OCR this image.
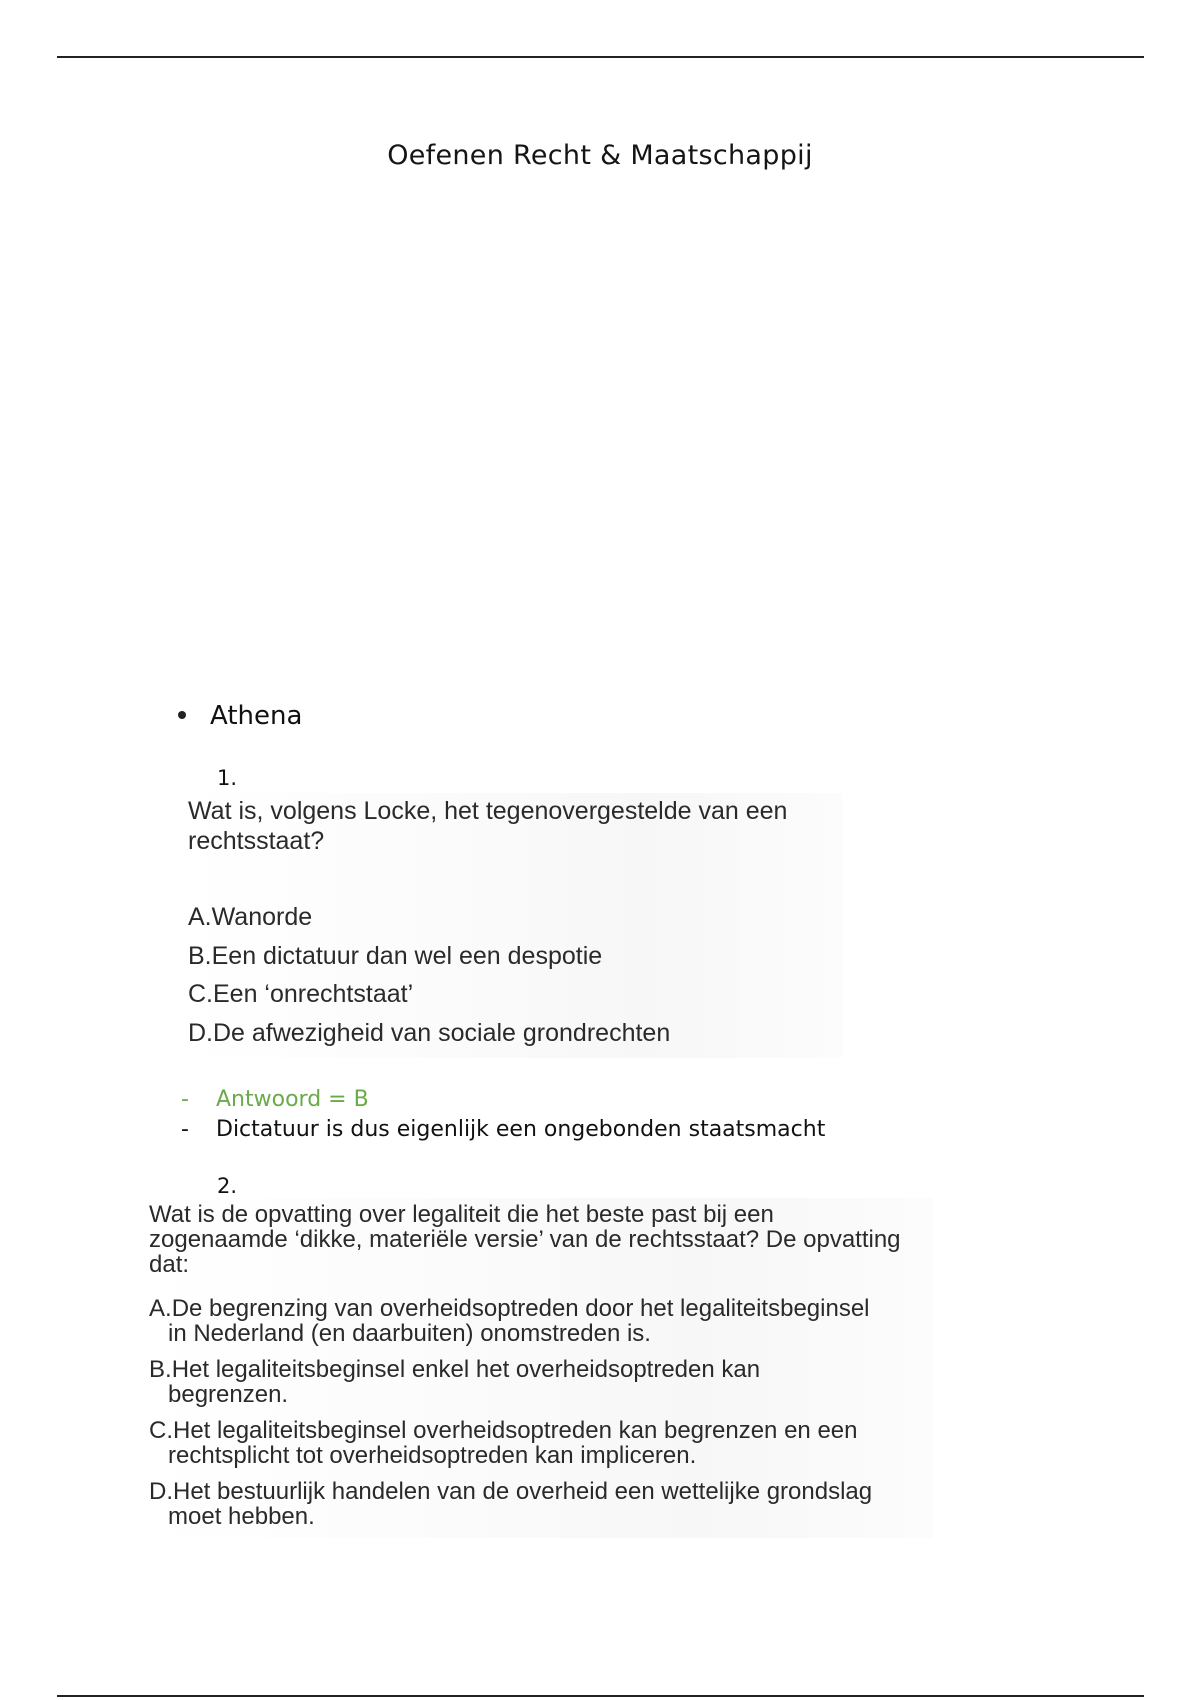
Oefenen Recht & Maatschappij
Athena
1.
Wat is, volgens Locke, het tegenovergestelde van een rechtsstaat?
A.Wanorde
B.Een dictatuur dan wel een despotie
C.Een ‘onrechtstaat’
D.De afwezigheid van sociale grondrechten
- Antwoord = B
- Dictatuur is dus eigenlijk een ongebonden staatsmacht
2.
Wat is de opvatting over legaliteit die het beste past bij een zogenaamde ‘dikke, materiële versie’ van de rechtsstaat? De opvatting dat:
A.De begrenzing van overheidsoptreden door het legaliteitsbeginsel
in Nederland (en daarbuiten) onomstreden is.
B.Het legaliteitsbeginsel enkel het overheidsoptreden kan
begrenzen.
C.Het legaliteitsbeginsel overheidsoptreden kan begrenzen en een
rechtsplicht tot overheidsoptreden kan impliceren.
D.Het bestuurlijk handelen van de overheid een wettelijke grondslag
moet hebben.
